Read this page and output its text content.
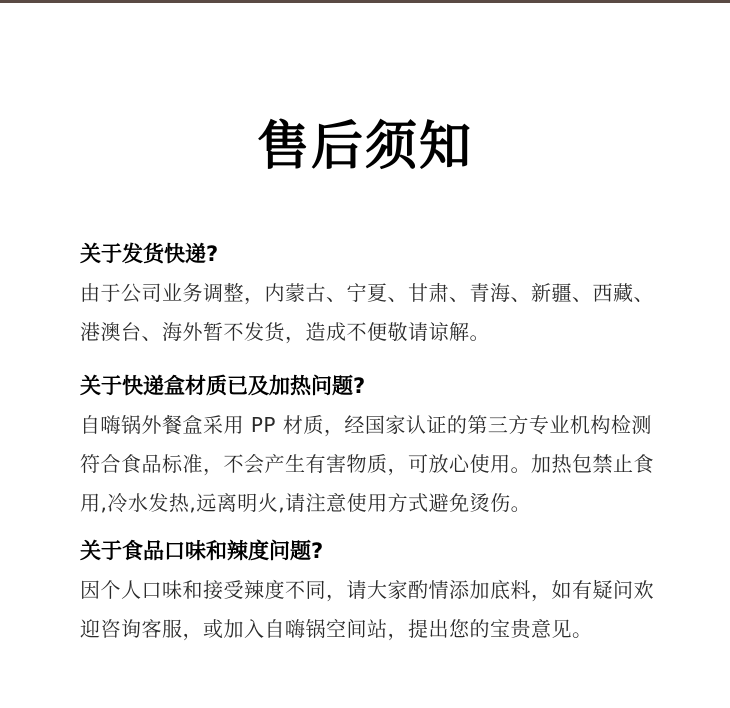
售后须知
关于发货快递?

由于公司业务调整，内蒙古、宁夏、甘肃、青海、新疆、西藏、港澳台、海外暂不发货，造成不便敬请谅解。

关于快递盒材质已及加热问题?

自嗨锅外餐盒采用 PP 材质，经国家认证的第三方专业机构检测符合食品标准，不会产生有害物质，可放心使用。加热包禁止食用,冷水发热,远离明火,请注意使用方式避免烫伤。

关于食品口味和辣度问题?

因个人口味和接受辣度不同，请大家酌情添加底料，如有疑问欢迎咨询客服，或加入自嗨锅空间站，提出您的宝贵意见。
